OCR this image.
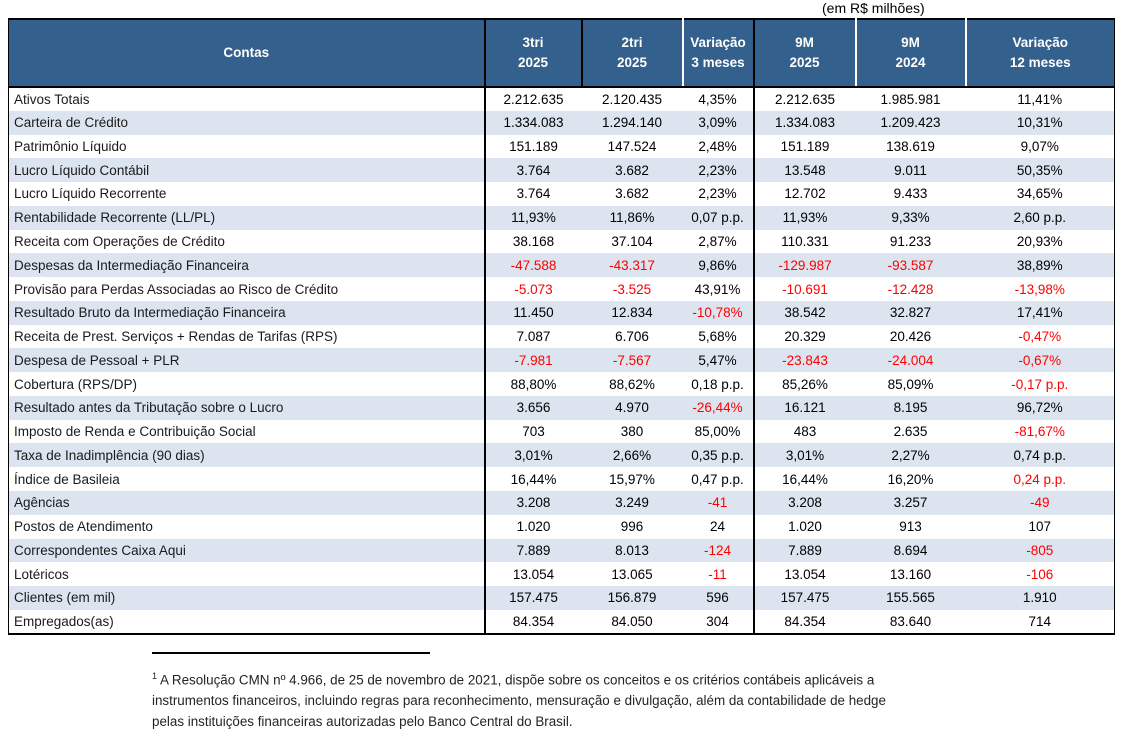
(em R$ milhões)
Contas

3tri
2025

2tri
2025

Variação
3 meses

9M
2025

9M
2024

Variação
12 meses

Ativos Totais	2.212.635	2.120.435	4,35%	2.212.635	1.985.981	11,41%
Carteira de Crédito	1.334.083	1.294.140	3,09%	1.334.083	1.209.423	10,31%
Patrimônio Líquido	151.189	147.524	2,48%	151.189	138.619	9,07%
Lucro Líquido Contábil	3.764	3.682	2,23%	13.548	9.011	50,35%
Lucro Líquido Recorrente	3.764	3.682	2,23%	12.702	9.433	34,65%
Rentabilidade Recorrente (LL/PL)	11,93%	11,86%	0,07 p.p.	11,93%	9,33%	2,60 p.p.
Receita com Operações de Crédito	38.168	37.104	2,87%	110.331	91.233	20,93%
Despesas da Intermediação Financeira	-47.588	-43.317	9,86%	-129.987	-93.587	38,89%
Provisão para Perdas Associadas ao Risco de Crédito	-5.073	-3.525	43,91%	-10.691	-12.428	-13,98%
Resultado Bruto da Intermediação Financeira	11.450	12.834	-10,78%	38.542	32.827	17,41%
Receita de Prest. Serviços + Rendas de Tarifas (RPS)	7.087	6.706	5,68%	20.329	20.426	-0,47%
Despesa de Pessoal + PLR	-7.981	-7.567	5,47%	-23.843	-24.004	-0,67%
Cobertura (RPS/DP)	88,80%	88,62%	0,18 p.p.	85,26%	85,09%	-0,17 p.p.
Resultado antes da Tributação sobre o Lucro	3.656	4.970	-26,44%	16.121	8.195	96,72%
Imposto de Renda e Contribuição Social	703	380	85,00%	483	2.635	-81,67%
Taxa de Inadimplência (90 dias)	3,01%	2,66%	0,35 p.p.	3,01%	2,27%	0,74 p.p.
Índice de Basileia	16,44%	15,97%	0,47 p.p.	16,44%	16,20%	0,24 p.p.
Agências	3.208	3.249	-41	3.208	3.257	-49
Postos de Atendimento	1.020	996	24	1.020	913	107
Correspondentes Caixa Aqui	7.889	8.013	-124	7.889	8.694	-805
Lotéricos	13.054	13.065	-11	13.054	13.160	-106
Clientes (em mil)	157.475	156.879	596	157.475	155.565	1.910
Empregados(as)	84.354	84.050	304	84.354	83.640	714
$^1$ A Resolução CMN nº 4.966, de 25 de novembro de 2021, dispõe sobre os conceitos e os critérios contábeis aplicáveis a
instrumentos financeiros, incluindo regras para reconhecimento, mensuração e divulgação, além da contabilidade de hedge
pelas instituições financeiras autorizadas pelo Banco Central do Brasil.
